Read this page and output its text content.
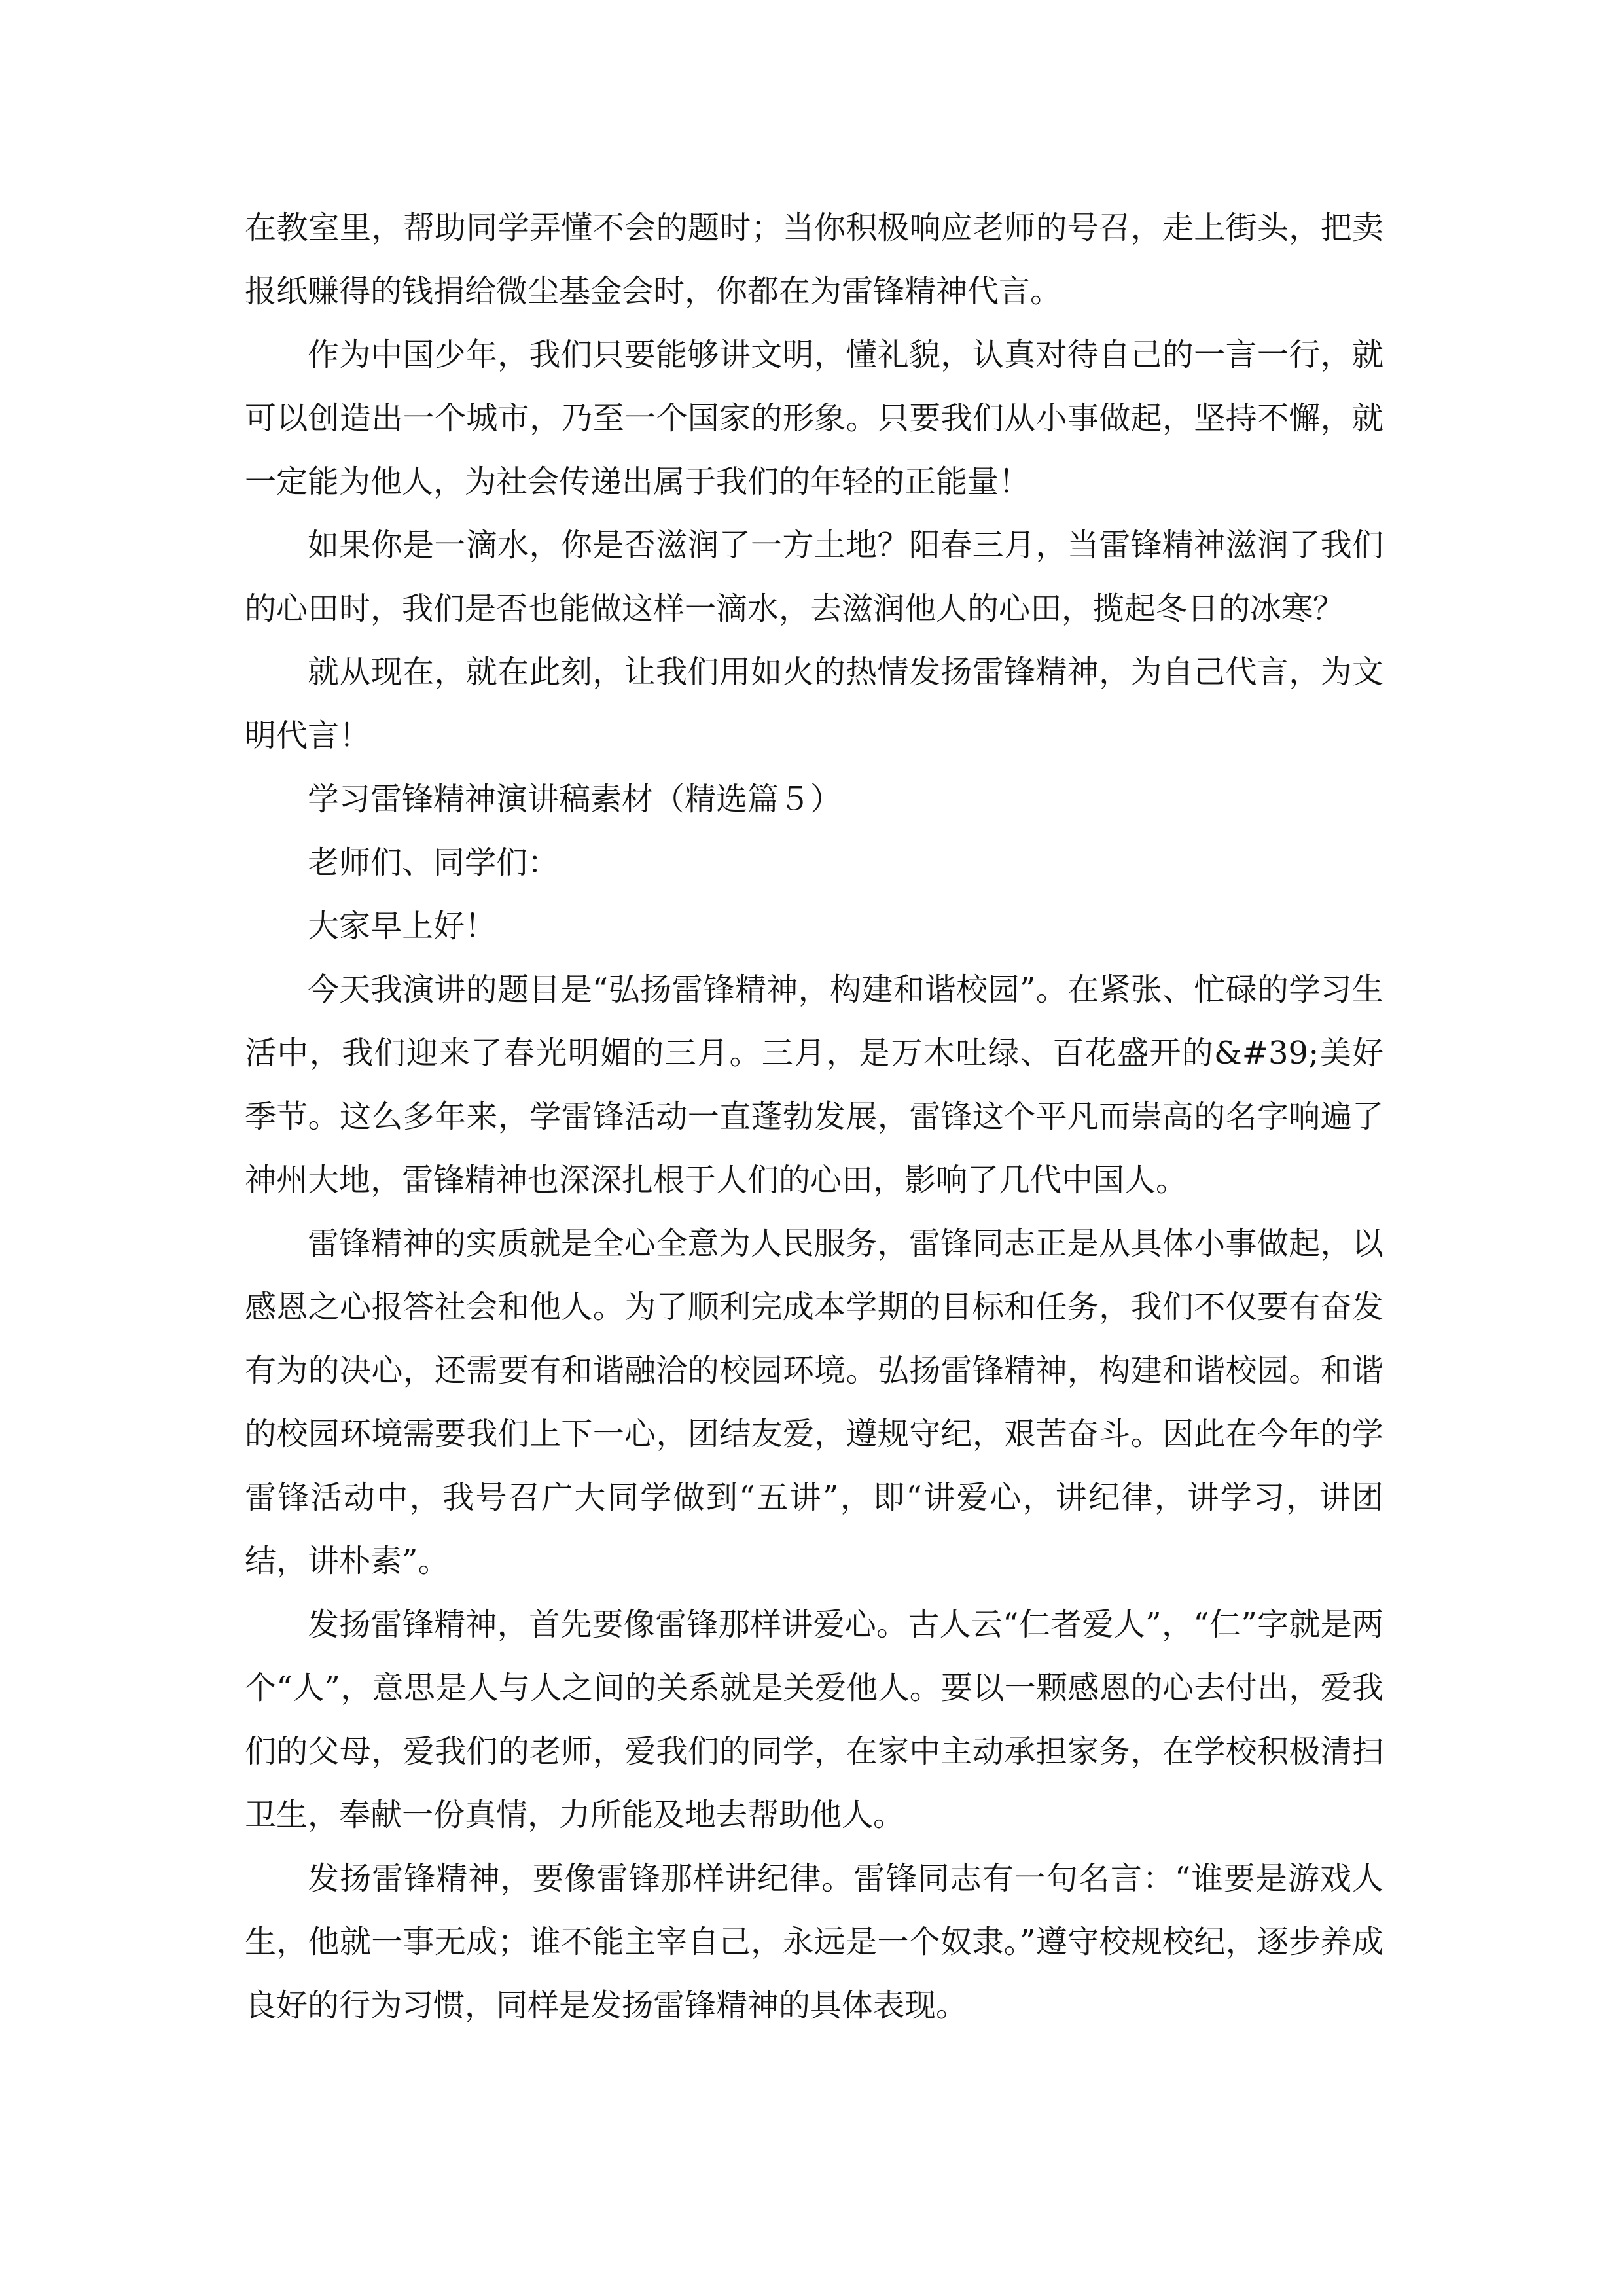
在教室里，帮助同学弄懂不会的题时；当你积极响应老师的号召，走上街头，把卖报纸赚得的钱捐给微尘基金会时，你都在为雷锋精神代言。

作为中国少年，我们只要能够讲文明，懂礼貌，认真对待自己的一言一行，就可以创造出一个城市，乃至一个国家的形象。只要我们从小事做起，坚持不懈，就一定能为他人，为社会传递出属于我们的年轻的正能量！

如果你是一滴水，你是否滋润了一方土地？阳春三月，当雷锋精神滋润了我们的心田时，我们是否也能做这样一滴水，去滋润他人的心田，揽起冬日的冰寒？

就从现在，就在此刻，让我们用如火的热情发扬雷锋精神，为自己代言，为文明代言！

学习雷锋精神演讲稿素材（精选篇５）

老师们、同学们：

大家早上好！

今天我演讲的题目是“弘扬雷锋精神，构建和谐校园”。在紧张、忙碌的学习生活中，我们迎来了春光明媚的三月。三月，是万木吐绿、百花盛开的&#39;美好季节。这么多年来，学雷锋活动一直蓬勃发展，雷锋这个平凡而崇高的名字响遍了神州大地，雷锋精神也深深扎根于人们的心田，影响了几代中国人。

雷锋精神的实质就是全心全意为人民服务，雷锋同志正是从具体小事做起，以感恩之心报答社会和他人。为了顺利完成本学期的目标和任务，我们不仅要有奋发有为的决心，还需要有和谐融洽的校园环境。弘扬雷锋精神，构建和谐校园。和谐的校园环境需要我们上下一心，团结友爱，遵规守纪，艰苦奋斗。因此在今年的学雷锋活动中，我号召广大同学做到“五讲”，即“讲爱心，讲纪律，讲学习，讲团结，讲朴素”。

发扬雷锋精神，首先要像雷锋那样讲爱心。古人云“仁者爱人”，“仁”字就是两个“人”，意思是人与人之间的关系就是关爱他人。要以一颗感恩的心去付出，爱我们的父母，爱我们的老师，爱我们的同学，在家中主动承担家务，在学校积极清扫卫生，奉献一份真情，力所能及地去帮助他人。

发扬雷锋精神，要像雷锋那样讲纪律。雷锋同志有一句名言：“谁要是游戏人生，他就一事无成；谁不能主宰自己，永远是一个奴隶。”遵守校规校纪，逐步养成良好的行为习惯，同样是发扬雷锋精神的具体表现。
